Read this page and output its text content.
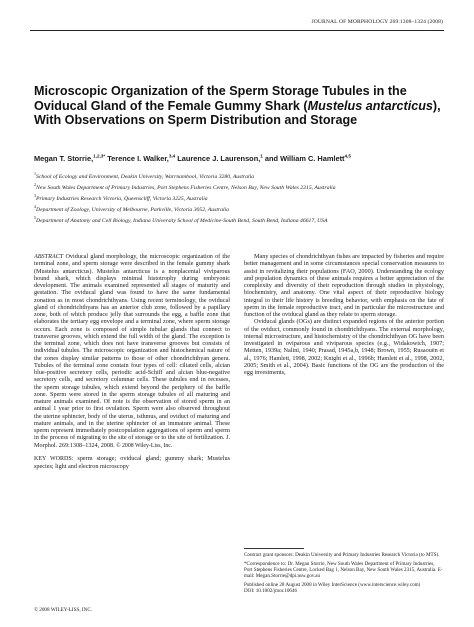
JOURNAL OF MORPHOLOGY 269:1308–1324 (2008)
Microscopic Organization of the Sperm Storage Tubules in the Oviducal Gland of the Female Gummy Shark (Mustelus antarcticus), With Observations on Sperm Distribution and Storage
Megan T. Storrie,$^{1,2,3*}$ Terence I. Walker,$^{3,4}$ Laurence J. Laurenson,$^1$ and William C. Hamlett$^{4,5}$
$^1$School of Ecology and Environment, Deakin University, Warrnambool, Victoria 3280, Australia
$^2$New South Wales Department of Primary Industries, Port Stephens Fisheries Centre, Nelson Bay, New South Wales 2315, Australia
$^3$Primary Industries Research Victoria, Queenscliff, Victoria 3225, Australia
$^4$Department of Zoology, University of Melbourne, Parkville, Victoria 3052, Australia
$^5$Department of Anatomy and Cell Biology, Indiana University School of Medicine-South Bend, South Bend, Indiana 46617, USA

ABSTRACT Oviducal gland morphology, the microscopic organization of the terminal zone, and sperm storage were described in the female gummy shark (Mustelus antarcticus). Mustelus antarcticus is a nonplacental viviparous hound shark, which displays minimal histotrophy during embryonic development. The animals examined represented all stages of maturity and gestation. The oviducal gland was found to have the same fundamental zonation as in most chondrichthyans. Using recent terminology, the oviducal gland of chondrichthyans has an anterior club zone, followed by a papillary zone, both of which produce jelly that surrounds the egg, a baffle zone that elaborates the tertiary egg envelope and a terminal zone, where sperm storage occurs. Each zone is composed of simple tubular glands that connect to transverse grooves, which extend the full width of the gland. The exception is the terminal zone, which does not have transverse grooves but consists of individual tubules. The microscopic organization and histochemical nature of the zones display similar patterns to those of other chondrichthyan genera. Tubules of the terminal zone contain four types of cell: ciliated cells, alcian blue-positive secretory cells, periodic acid-Schiff and alcian blue-negative secretory cells, and secretory columnar cells. These tubules end in recesses, the sperm storage tubules, which extend beyond the periphery of the baffle zone. Sperm were stored in the sperm storage tubules of all maturing and mature animals examined. Of note is the observation of stored sperm in an animal 1 year prior to first ovulation. Sperm were also observed throughout the uterine sphincter, body of the uterus, isthmus, and oviduct of maturing and mature animals, and in the uterine sphincter of an immature animal. These sperm represent immediately postcopulation aggregations of sperm and sperm in the process of migrating to the site of storage or to the site of fertilization. J. Morphol. 269:1308–1324, 2008. © 2008 Wiley-Liss, Inc.

KEY WORDS: sperm storage; oviducal gland; gummy shark; Mustelus species; light and electron microscopy

Many species of chondrichthyan fishes are impacted by fisheries and require better management and in some circumstances special conservation measures to assist in revitalizing their populations (FAO, 2000). Understanding the ecology and population dynamics of these animals requires a better appreciation of the complexity and diversity of their reproduction through studies in physiology, biochemistry, and anatomy. One vital aspect of their reproductive biology integral to their life history is breeding behavior, with emphasis on the fate of sperm in the female reproductive tract, and in particular the microstructure and function of the oviducal gland as they relate to sperm storage.

Oviducal glands (OGs) are distinct expanded regions of the anterior portion of the oviduct, commonly found in chondrichthyans. The external morphology, internal microstructure, and histochemistry of the chondrichthyan OG have been investigated in oviparous and viviparous species (e.g., Widakowich, 1907; Metten, 1939a; Nalini, 1940; Prasad, 1945a,b, 1948; Brown, 1955; Rusaouën et al., 1976; Hamlett, 1998, 2002; Knight et al., 1996b; Hamlett et al., 1998, 2002, 2005; Smith et al., 2004). Basic functions of the OG are the production of the egg investments,

Contract grant sponsors: Deakin University and Primary Industries Research Victoria (to MTS).

*Correspondence to: Dr. Megan Storrie, New South Wales Department of Primary Industries, Port Stephens Fisheries Centre, Locked Bag 1, Nelson Bay, New South Wales 2315, Australia. E-mail: Megan.Storrie@dpi.nsw.gov.au

Published online 28 August 2008 in Wiley InterScience (www.interscience.wiley.com)
DOI: 10.1002/jmor.10646

© 2008 WILEY-LISS, INC.
